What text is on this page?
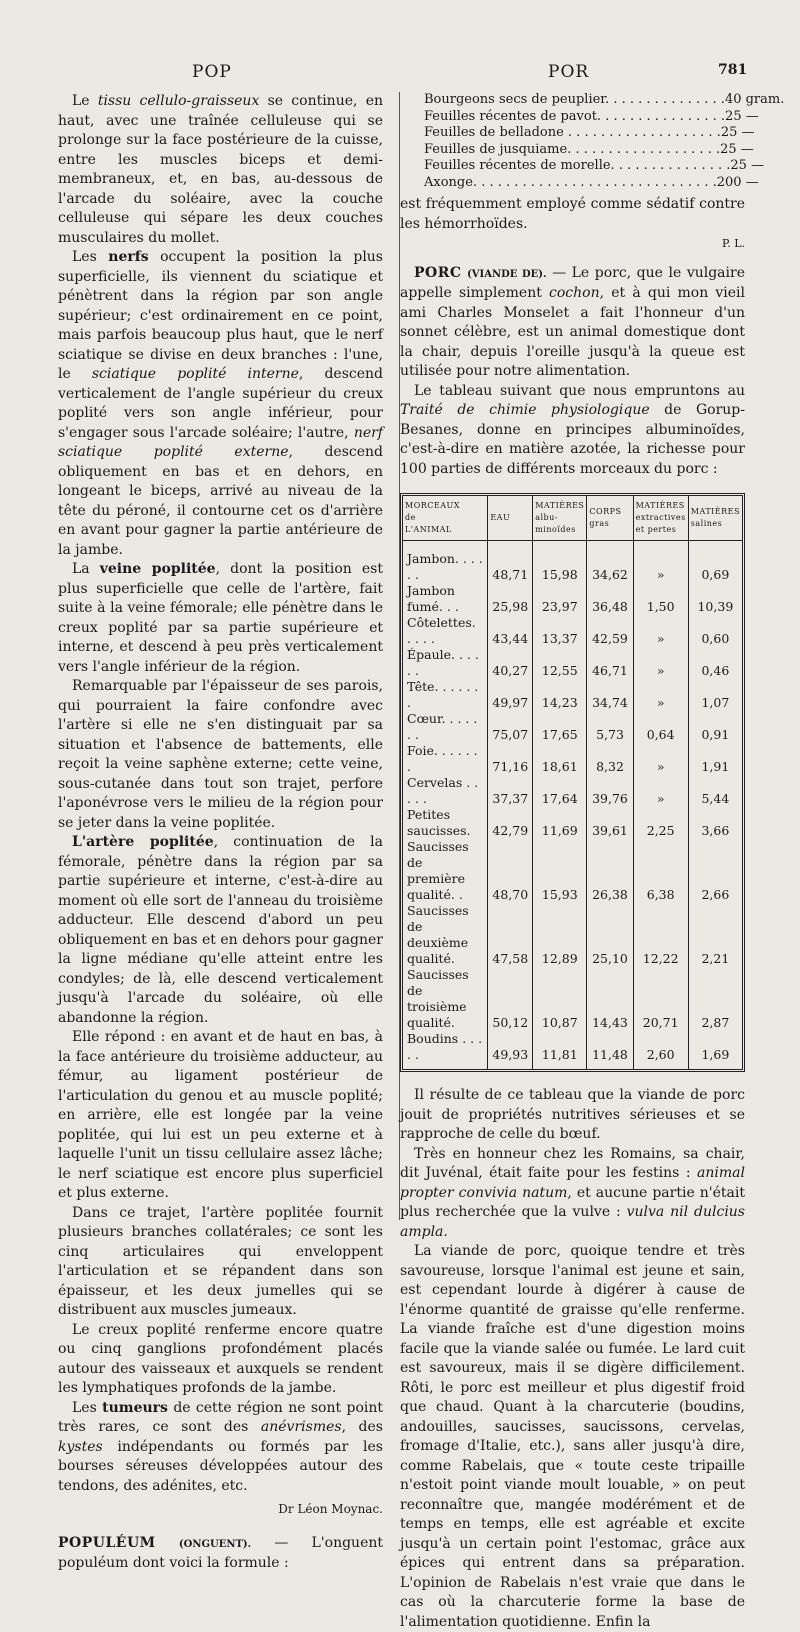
POP	POR	781

Le tissu cellulo-graisseux se continue, en haut, avec une traînée celluleuse qui se prolonge sur la face postérieure de la cuisse, entre les muscles biceps et demi-membraneux, et, en bas, au-dessous de l'arcade du soléaire, avec la couche celluleuse qui sépare les deux couches musculaires du mollet.

Les nerfs occupent la position la plus superficielle, ils viennent du sciatique et pénètrent dans la région par son angle supérieur; c'est ordinairement en ce point, mais parfois beaucoup plus haut, que le nerf sciatique se divise en deux branches : l'une, le sciatique poplité interne, descend verticalement de l'angle supérieur du creux poplité vers son angle inférieur, pour s'engager sous l'arcade soléaire; l'autre, nerf sciatique poplité externe, descend obliquement en bas et en dehors, en longeant le biceps, arrivé au niveau de la tête du péroné, il contourne cet os d'arrière en avant pour gagner la partie antérieure de la jambe.

La veine poplitée, dont la position est plus superficielle que celle de l'artère, fait suite à la veine fémorale; elle pénètre dans le creux poplité par sa partie supérieure et interne, et descend à peu près verticalement vers l'angle inférieur de la région.

Remarquable par l'épaisseur de ses parois, qui pourraient la faire confondre avec l'artère si elle ne s'en distinguait par sa situation et l'absence de battements, elle reçoit la veine saphène externe; cette veine, sous-cutanée dans tout son trajet, perfore l'aponévrose vers le milieu de la région pour se jeter dans la veine poplitée.

L'artère poplitée, continuation de la fémorale, pénètre dans la région par sa partie supérieure et interne, c'est-à-dire au moment où elle sort de l'anneau du troisième adducteur. Elle descend d'abord un peu obliquement en bas et en dehors pour gagner la ligne médiane qu'elle atteint entre les condyles; de là, elle descend verticalement jusqu'à l'arcade du soléaire, où elle abandonne la région.

Elle répond : en avant et de haut en bas, à la face antérieure du troisième adducteur, au fémur, au ligament postérieur de l'articulation du genou et au muscle poplité; en arrière, elle est longée par la veine poplitée, qui lui est un peu externe et à laquelle l'unit un tissu cellulaire assez lâche; le nerf sciatique est encore plus superficiel et plus externe.

Dans ce trajet, l'artère poplitée fournit plusieurs branches collatérales; ce sont les cinq articulaires qui enveloppent l'articulation et se répandent dans son épaisseur, et les deux jumelles qui se distribuent aux muscles jumeaux.

Le creux poplité renferme encore quatre ou cinq ganglions profondément placés autour des vaisseaux et auxquels se rendent les lymphatiques profonds de la jambe.

Les tumeurs de cette région ne sont point très rares, ce sont des anévrismes, des kystes indépendants ou formés par les bourses séreuses développées autour des tendons, des adénites, etc.

Dr Léon Moynac.

POPULÉUM (ONGUENT). — L'onguent populéum dont voici la formule :

Bourgeons secs de peuplier. . . . . . . . . . . . . . . 40 gram.
Feuilles récentes de pavot. . . . . . . . . . . . . . . . 25 —
Feuilles de belladone . . . . . . . . . . . . . . . . . . . 25 —
Feuilles de jusquiame. . . . . . . . . . . . . . . . . . . 25 —
Feuilles récentes de morelle. . . . . . . . . . . . . . . 25 —
Axonge. . . . . . . . . . . . . . . . . . . . . . . . . . . . . . 200 —

est fréquemment employé comme sédatif contre les hémorrhoïdes.

P. L.

PORC (VIANDE DE). — Le porc, que le vulgaire appelle simplement cochon, et à qui mon vieil ami Charles Monselet a fait l'honneur d'un sonnet célèbre, est un animal domestique dont la chair, depuis l'oreille jusqu'à la queue est utilisée pour notre alimentation.

Le tableau suivant que nous empruntons au Traité de chimie physiologique de Gorup-Besanes, donne en principes albuminoïdes, c'est-à-dire en matière azotée, la richesse pour 100 parties de différents morceaux du porc :

MORCEAUX
de
L'ANIMAL	EAU	MATIÈRES
albu-
minoïdes	CORPS
gras	MATIÈRES
extractives
et pertes	MATIÈRES
salines
Jambon. . . . . .	48,71	15,98	34,62	»	0,69
Jambon fumé. . .	25,98	23,97	36,48	1,50	10,39
Côtelettes. . . . .	43,44	13,37	42,59	»	0,60
Épaule. . . . . .	40,27	12,55	46,71	»	0,46
Tête. . . . . . .	49,97	14,23	34,74	»	1,07
Cœur. . . . . . .	75,07	17,65	5,73	0,64	0,91
Foie. . . . . . .	71,16	18,61	8,32	»	1,91
Cervelas . . . . .	37,37	17,64	39,76	»	5,44
Petites saucisses.	42,79	11,69	39,61	2,25	3,66
Saucisses de première qualité. .	48,70	15,93	26,38	6,38	2,66
Saucisses de deuxième qualité.	47,58	12,89	25,10	12,22	2,21
Saucisses de troisième qualité.	50,12	10,87	14,43	20,71	2,87
Boudins . . . . .	49,93	11,81	11,48	2,60	1,69

Il résulte de ce tableau que la viande de porc jouit de propriétés nutritives sérieuses et se rapproche de celle du bœuf.

Très en honneur chez les Romains, sa chair, dit Juvénal, était faite pour les festins : animal propter convivia natum, et aucune partie n'était plus recherchée que la vulve : vulva nil dulcius ampla.

La viande de porc, quoique tendre et très savoureuse, lorsque l'animal est jeune et sain, est cependant lourde à digérer à cause de l'énorme quantité de graisse qu'elle renferme. La viande fraîche est d'une digestion moins facile que la viande salée ou fumée. Le lard cuit est savoureux, mais il se digère difficilement. Rôti, le porc est meilleur et plus digestif froid que chaud. Quant à la charcuterie (boudins, andouilles, saucisses, saucissons, cervelas, fromage d'Italie, etc.), sans aller jusqu'à dire, comme Rabelais, que « toute ceste tripaille n'estoit point viande moult louable, » on peut reconnaître que, mangée modérément et de temps en temps, elle est agréable et excite jusqu'à un certain point l'estomac, grâce aux épices qui entrent dans sa préparation. L'opinion de Rabelais n'est vraie que dans le cas où la charcuterie forme la base de l'alimentation quotidienne. Enfin la
